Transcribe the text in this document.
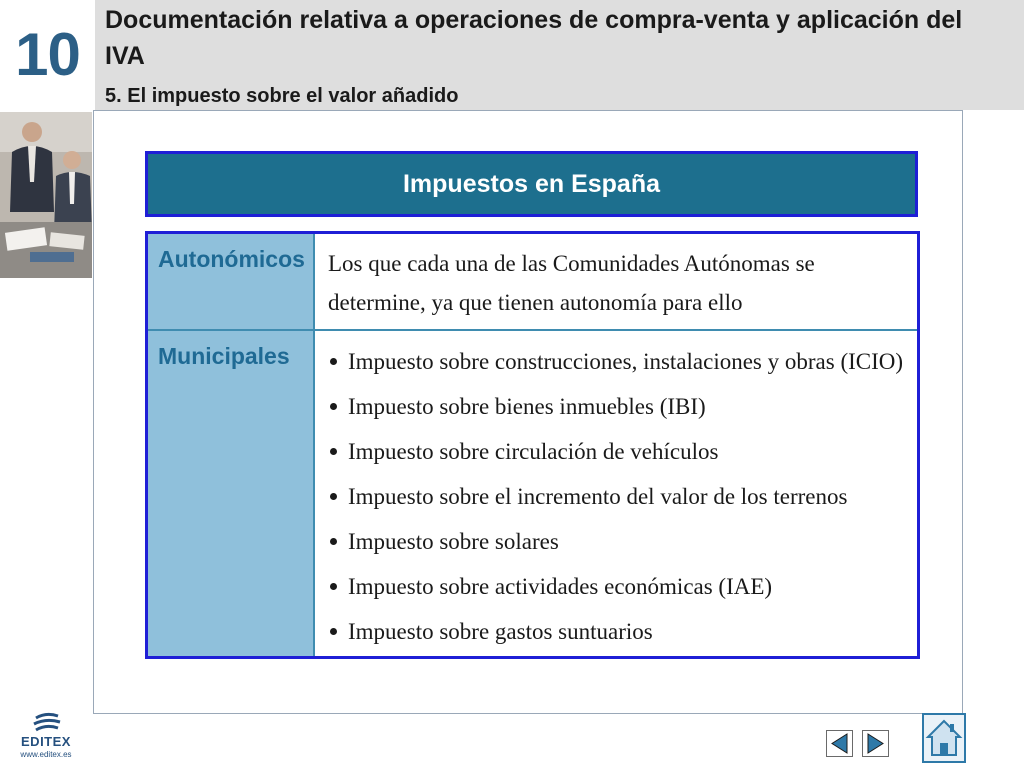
10
Documentación relativa a operaciones de compra-venta y aplicación del IVA
5. El impuesto sobre el valor añadido
Impuestos en España
Autonómicos	Los que cada una de las Comunidades Autónomas se determine, ya que tienen autonomía para ello

Municipales	Impuesto sobre construcciones, instalaciones y obras (ICIO)
Impuesto sobre bienes inmuebles (IBI)
Impuesto sobre circulación de vehículos
Impuesto sobre el incremento del valor de los terrenos
Impuesto sobre solares
Impuesto sobre actividades económicas (IAE)
Impuesto sobre gastos suntuarios
EDITEX
www.editex.es
